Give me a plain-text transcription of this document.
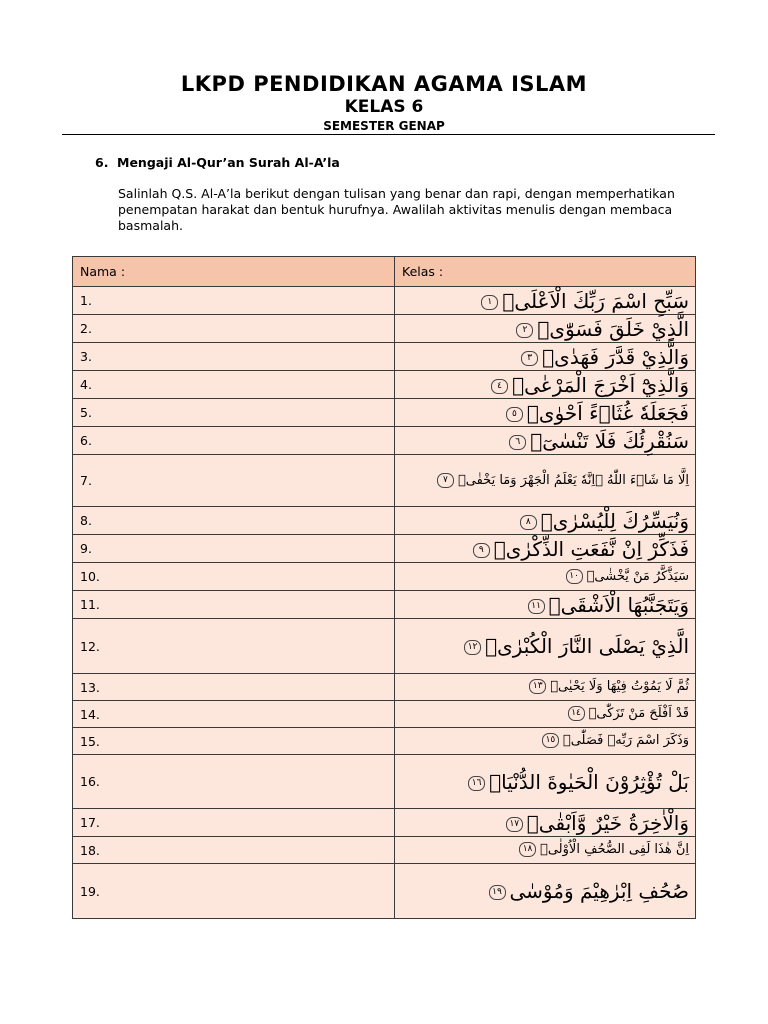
LKPD PENDIDIKAN AGAMA ISLAM
KELAS 6
SEMESTER GENAP
6. Mengaji Al-Qur’an Surah Al-A’la
Salinlah Q.S. Al-A’la berikut dengan tulisan yang benar dan rapi, dengan memperhatikan penempatan harakat dan bentuk hurufnya. Awalilah aktivitas menulis dengan membaca basmalah.
Nama :	Kelas :
1.	سَبِّحِ اسْمَ رَبِّكَ الْاَعْلَىۙ١
2.	الَّذِيْ خَلَقَ فَسَوّٰىۖ٢
3.	وَالَّذِيْ قَدَّرَ فَهَدٰىۖ٣
4.	وَالَّذِيْٓ اَخْرَجَ الْمَرْعٰىۖ٤
5.	فَجَعَلَهٗ غُثَاۤءً اَحْوٰىۗ٥
6.	سَنُقْرِئُكَ فَلَا تَنْسٰىٓۖ٦
7.	اِلَّا مَا شَاۤءَ اللّٰهُ ۗاِنَّهٗ يَعْلَمُ الْجَهْرَ وَمَا يَخْفٰىۗ٧
8.	وَنُيَسِّرُكَ لِلْيُسْرٰىۖ٨
9.	فَذَكِّرْ اِنْ نَّفَعَتِ الذِّكْرٰىۗ٩
10.	سَيَذَّكَّرُ مَنْ يَّخْشٰىۙ١٠
11.	وَيَتَجَنَّبُهَا الْاَشْقَىۙ١١
12.	الَّذِيْ يَصْلَى النَّارَ الْكُبْرٰىۚ١٢
13.	ثُمَّ لَا يَمُوْتُ فِيْهَا وَلَا يَحْيٰىۗ١٣
14.	قَدْ اَفْلَحَ مَنْ تَزَكّٰىۙ١٤
15.	وَذَكَرَ اسْمَ رَبِّهٖ فَصَلّٰىۗ١٥
16.	بَلْ تُؤْثِرُوْنَ الْحَيٰوةَ الدُّنْيَاۖ١٦
17.	وَالْاٰخِرَةُ خَيْرٌ وَّاَبْقٰىۗ١٧
18.	اِنَّ هٰذَا لَفِى الصُّحُفِ الْاُوْلٰىۙ١٨
19.	صُحُفِ اِبْرٰهِيْمَ وَمُوْسٰى١٩
